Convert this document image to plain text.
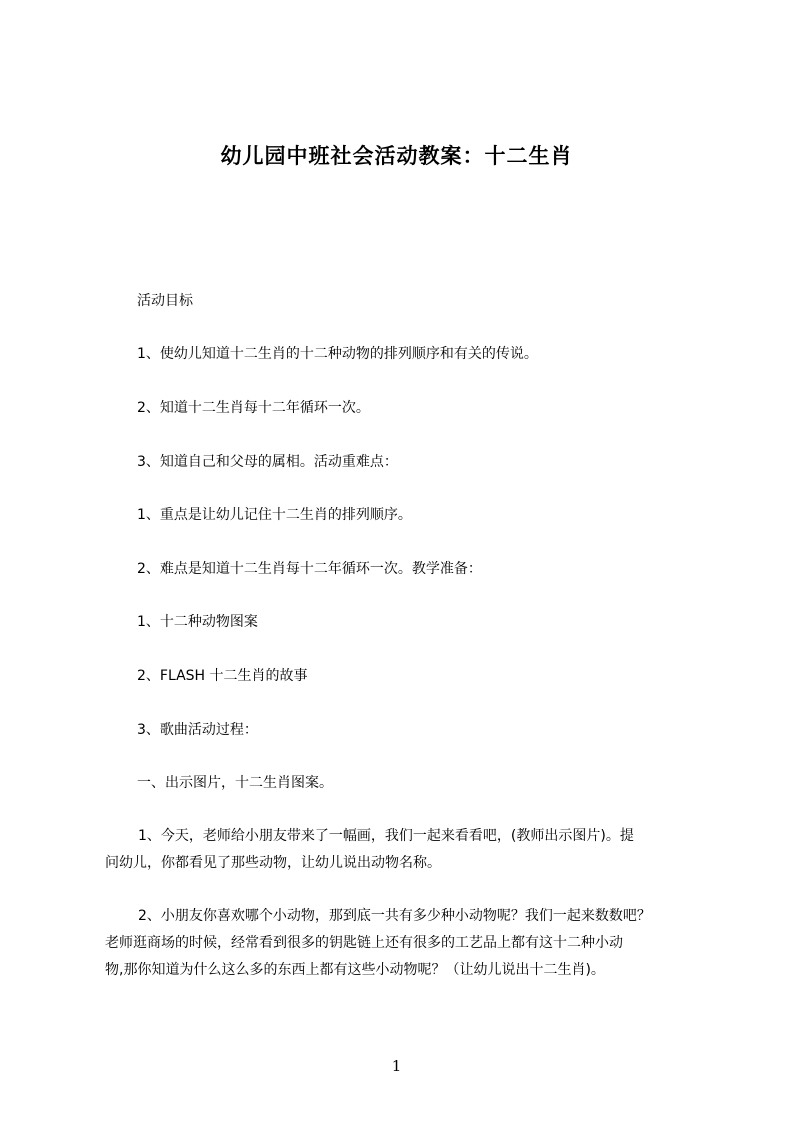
幼儿园中班社会活动教案：十二生肖
活动目标
1、使幼儿知道十二生肖的十二种动物的排列顺序和有关的传说。
2、知道十二生肖每十二年循环一次。
3、知道自己和父母的属相。活动重难点：
1、重点是让幼儿记住十二生肖的排列顺序。
2、难点是知道十二生肖每十二年循环一次。教学准备：
1、十二种动物图案
2、FLASH 十二生肖的故事
3、歌曲活动过程：
一、出示图片，十二生肖图案。
1、今天，老师给小朋友带来了一幅画，我们一起来看看吧，(教师出示图片)。提
问幼儿，你都看见了那些动物，让幼儿说出动物名称。
2、小朋友你喜欢哪个小动物，那到底一共有多少种小动物呢？我们一起来数数吧？
老师逛商场的时候，经常看到很多的钥匙链上还有很多的工艺品上都有这十二种小动
物,那你知道为什么这么多的东西上都有这些小动物呢？（让幼儿说出十二生肖)。
1
